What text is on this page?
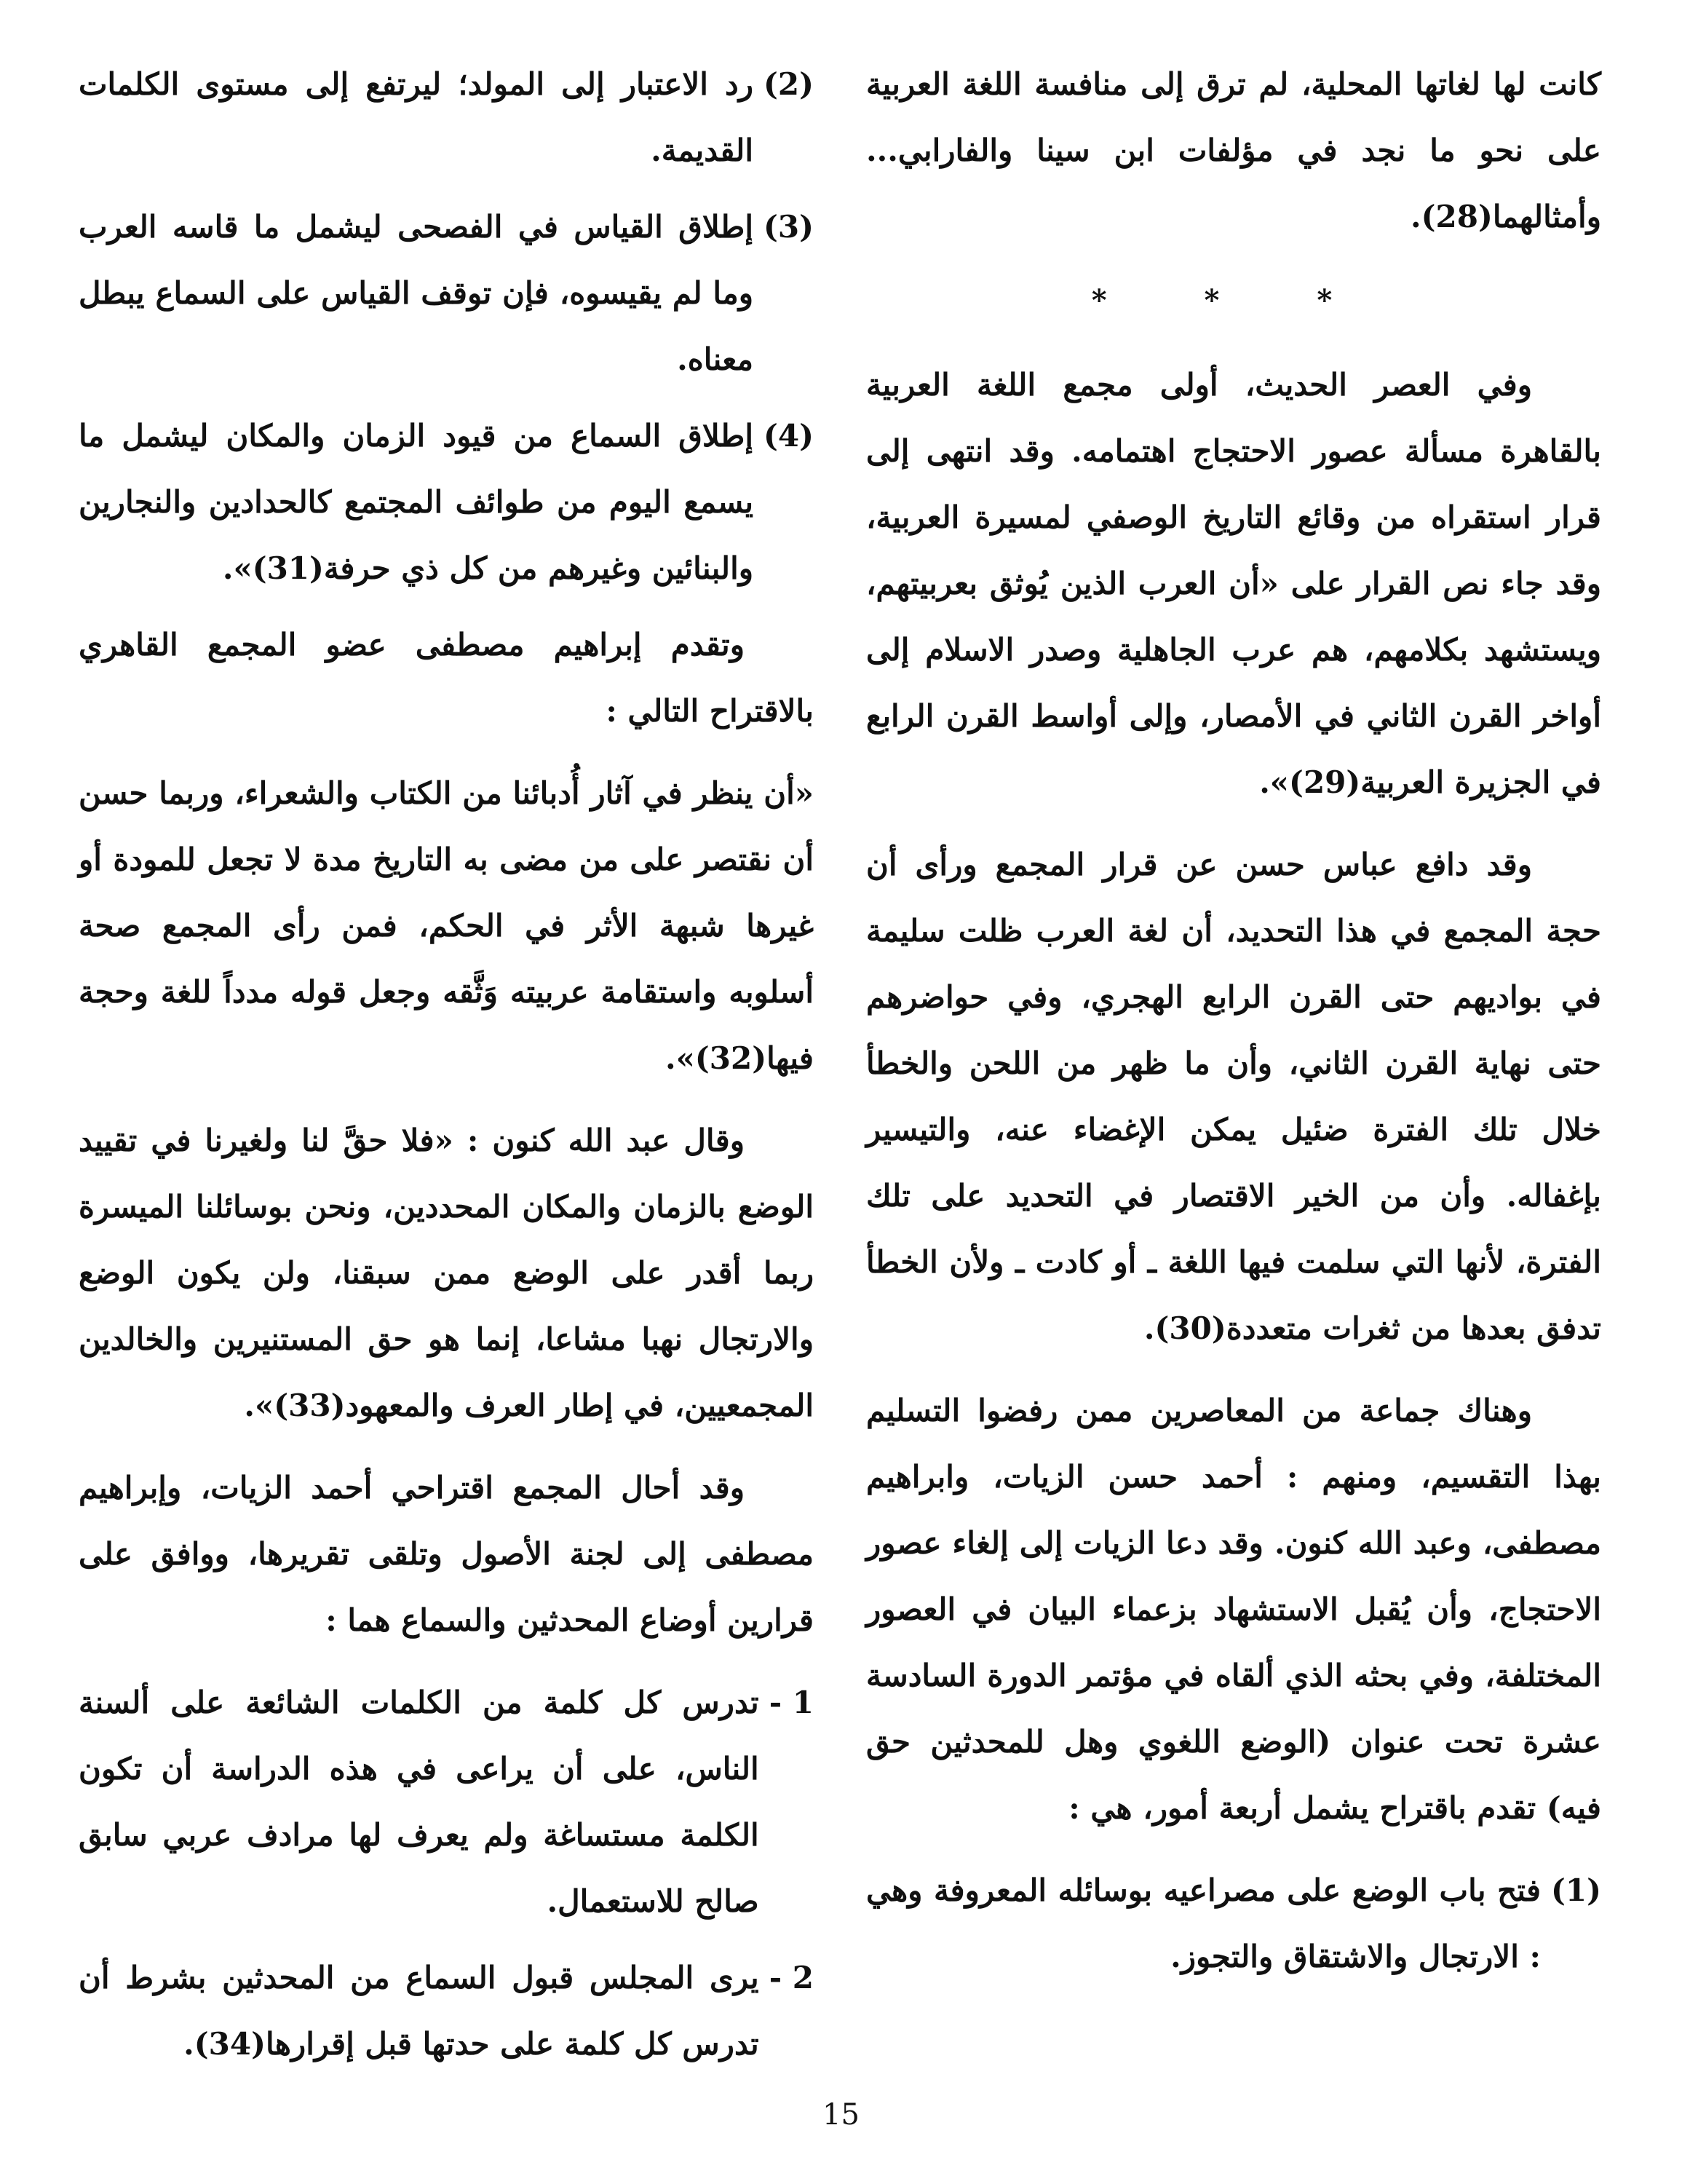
كانت لها لغاتها المحلية، لم ترق إلى منافسة اللغة العربية على نحو ما نجد في مؤلفات ابن سينا والفارابي... وأمثالهما(28).

* * *

وفي العصر الحديث، أولى مجمع اللغة العربية بالقاهرة مسألة عصور الاحتجاج اهتمامه. وقد انتهى إلى قرار استقراه من وقائع التاريخ الوصفي لمسيرة العربية، وقد جاء نص القرار على «أن العرب الذين يُوثق بعربيتهم، ويستشهد بكلامهم، هم عرب الجاهلية وصدر الاسلام إلى أواخر القرن الثاني في الأمصار، وإلى أواسط القرن الرابع في الجزيرة العربية(29)».

وقد دافع عباس حسن عن قرار المجمع ورأى أن حجة المجمع في هذا التحديد، أن لغة العرب ظلت سليمة في بواديهم حتى القرن الرابع الهجري، وفي حواضرهم حتى نهاية القرن الثاني، وأن ما ظهر من اللحن والخطأ خلال تلك الفترة ضئيل يمكن الإغضاء عنه، والتيسير بإغفاله. وأن من الخير الاقتصار في التحديد على تلك الفترة، لأنها التي سلمت فيها اللغة ـ أو كادت ـ ولأن الخطأ تدفق بعدها من ثغرات متعددة(30).

وهناك جماعة من المعاصرين ممن رفضوا التسليم بهذا التقسيم، ومنهم : أحمد حسن الزيات، وابراهيم مصطفى، وعبد الله كنون. وقد دعا الزيات إلى إلغاء عصور الاحتجاج، وأن يُقبل الاستشهاد بزعماء البيان في العصور المختلفة، وفي بحثه الذي ألقاه في مؤتمر الدورة السادسة عشرة تحت عنوان (الوضع اللغوي وهل للمحدثين حق فيه) تقدم باقتراح يشمل أربعة أمور، هي :

(1)
فتح باب الوضع على مصراعيه بوسائله المعروفة وهي : الارتجال والاشتقاق والتجوز.
(2)
رد الاعتبار إلى المولد؛ ليرتفع إلى مستوى الكلمات القديمة.
(3)
إطلاق القياس في الفصحى ليشمل ما قاسه العرب وما لم يقيسوه، فإن توقف القياس على السماع يبطل معناه.
(4)
إطلاق السماع من قيود الزمان والمكان ليشمل ما يسمع اليوم من طوائف المجتمع كالحدادين والنجارين والبنائين وغيرهم من كل ذي حرفة(31)».

وتقدم إبراهيم مصطفى عضو المجمع القاهري بالاقتراح التالي :

«أن ينظر في آثار أُدبائنا من الكتاب والشعراء، وربما حسن أن نقتصر على من مضى به التاريخ مدة لا تجعل للمودة أو غيرها شبهة الأثر في الحكم، فمن رأى المجمع صحة أسلوبه واستقامة عربيته وَثَّقه وجعل قوله مدداً للغة وحجة فيها(32)».

وقال عبد الله كنون : «فلا حقَّ لنا ولغيرنا في تقييد الوضع بالزمان والمكان المحددين، ونحن بوسائلنا الميسرة ربما أقدر على الوضع ممن سبقنا، ولن يكون الوضع والارتجال نهبا مشاعا، إنما هو حق المستنيرين والخالدين المجمعيين، في إطار العرف والمعهود(33)».

وقد أحال المجمع اقتراحي أحمد الزيات، وإبراهيم مصطفى إلى لجنة الأصول وتلقى تقريرها، ووافق على قرارين أوضاع المحدثين والسماع هما :

1 -
تدرس كل كلمة من الكلمات الشائعة على ألسنة الناس، على أن يراعى في هذه الدراسة أن تكون الكلمة مستساغة ولم يعرف لها مرادف عربي سابق صالح للاستعمال.
2 -
يرى المجلس قبول السماع من المحدثين بشرط أن تدرس كل كلمة على حدتها قبل إقرارها(34).
15
